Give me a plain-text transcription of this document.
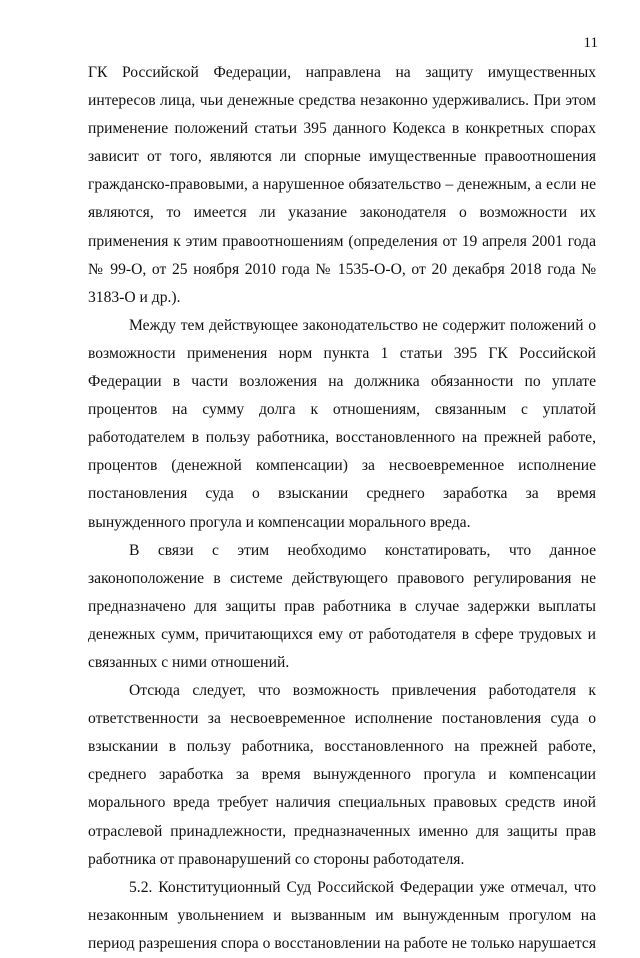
11

ГК Российской Федерации, направлена на защиту имущественных интересов лица, чьи денежные средства незаконно удерживались. При этом применение положений статьи 395 данного Кодекса в конкретных спорах зависит от того, являются ли спорные имущественные правоотношения гражданско-правовыми, а нарушенное обязательство – денежным, а если не являются, то имеется ли указание законодателя о возможности их применения к этим правоотношениям (определения от 19 апреля 2001 года № 99-О, от 25 ноября 2010 года № 1535-О-О, от 20 декабря 2018 года № 3183-О и др.).

Между тем действующее законодательство не содержит положений о возможности применения норм пункта 1 статьи 395 ГК Российской Федерации в части возложения на должника обязанности по уплате процентов на сумму долга к отношениям, связанным с уплатой работодателем в пользу работника, восстановленного на прежней работе, процентов (денежной компенсации) за несвоевременное исполнение постановления суда о взыскании среднего заработка за время вынужденного прогула и компенсации морального вреда.

В связи с этим необходимо констатировать, что данное законоположение в системе действующего правового регулирования не предназначено для защиты прав работника в случае задержки выплаты денежных сумм, причитающихся ему от работодателя в сфере трудовых и связанных с ними отношений.

Отсюда следует, что возможность привлечения работодателя к ответственности за несвоевременное исполнение постановления суда о взыскании в пользу работника, восстановленного на прежней работе, среднего заработка за время вынужденного прогула и компенсации морального вреда требует наличия специальных правовых средств иной отраслевой принадлежности, предназначенных именно для защиты прав работника от правонарушений со стороны работодателя.

5.2. Конституционный Суд Российской Федерации уже отмечал, что незаконным увольнением и вызванным им вынужденным прогулом на период разрешения спора о восстановлении на работе не только нарушается
